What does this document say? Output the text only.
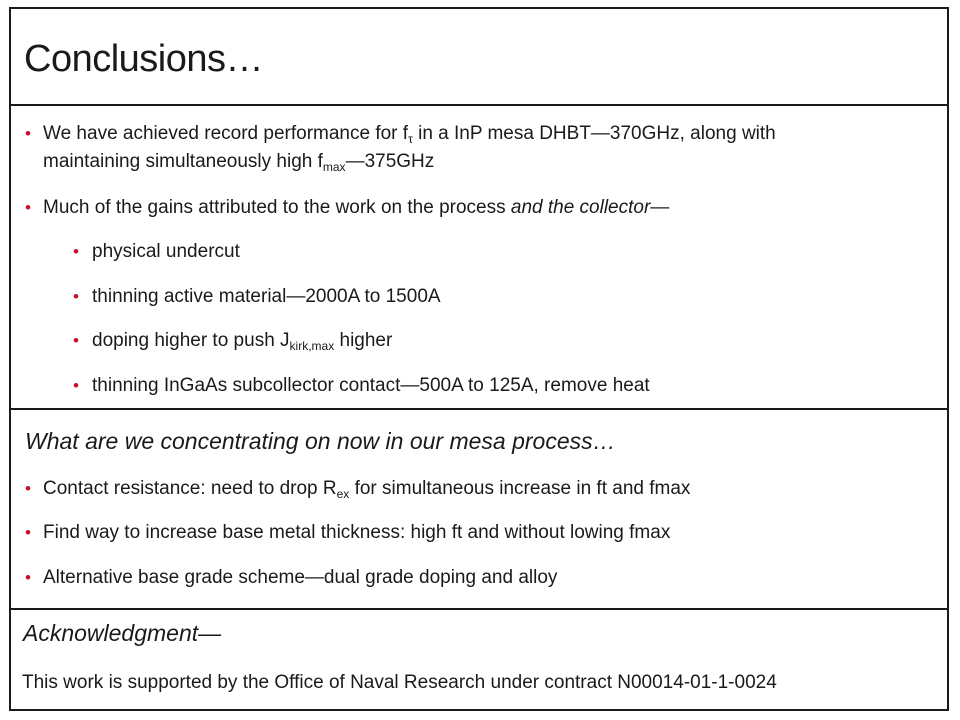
Conclusions…
• We have achieved record performance for $f_\tau$ in a InP mesa DHBT—370GHz, along with
maintaining simultaneously high $f_{max}—375GHz$
• Much of the gains attributed to the work on the process and the collector—
• physical undercut
• thinning active material—2000A to 1500A
• doping higher to push $J_{kirk,max}$ higher
• thinning InGaAs subcollector contact—500A to 125A, remove heat
What are we concentrating on now in our mesa process…
• Contact resistance: need to drop $R_{ex}$ for simultaneous increase in ft and fmax
• Find way to increase base metal thickness: high ft and without lowing fmax
• Alternative base grade scheme—dual grade doping and alloy
Acknowledgment—
This work is supported by the Office of Naval Research under contract N00014-01-1-0024
